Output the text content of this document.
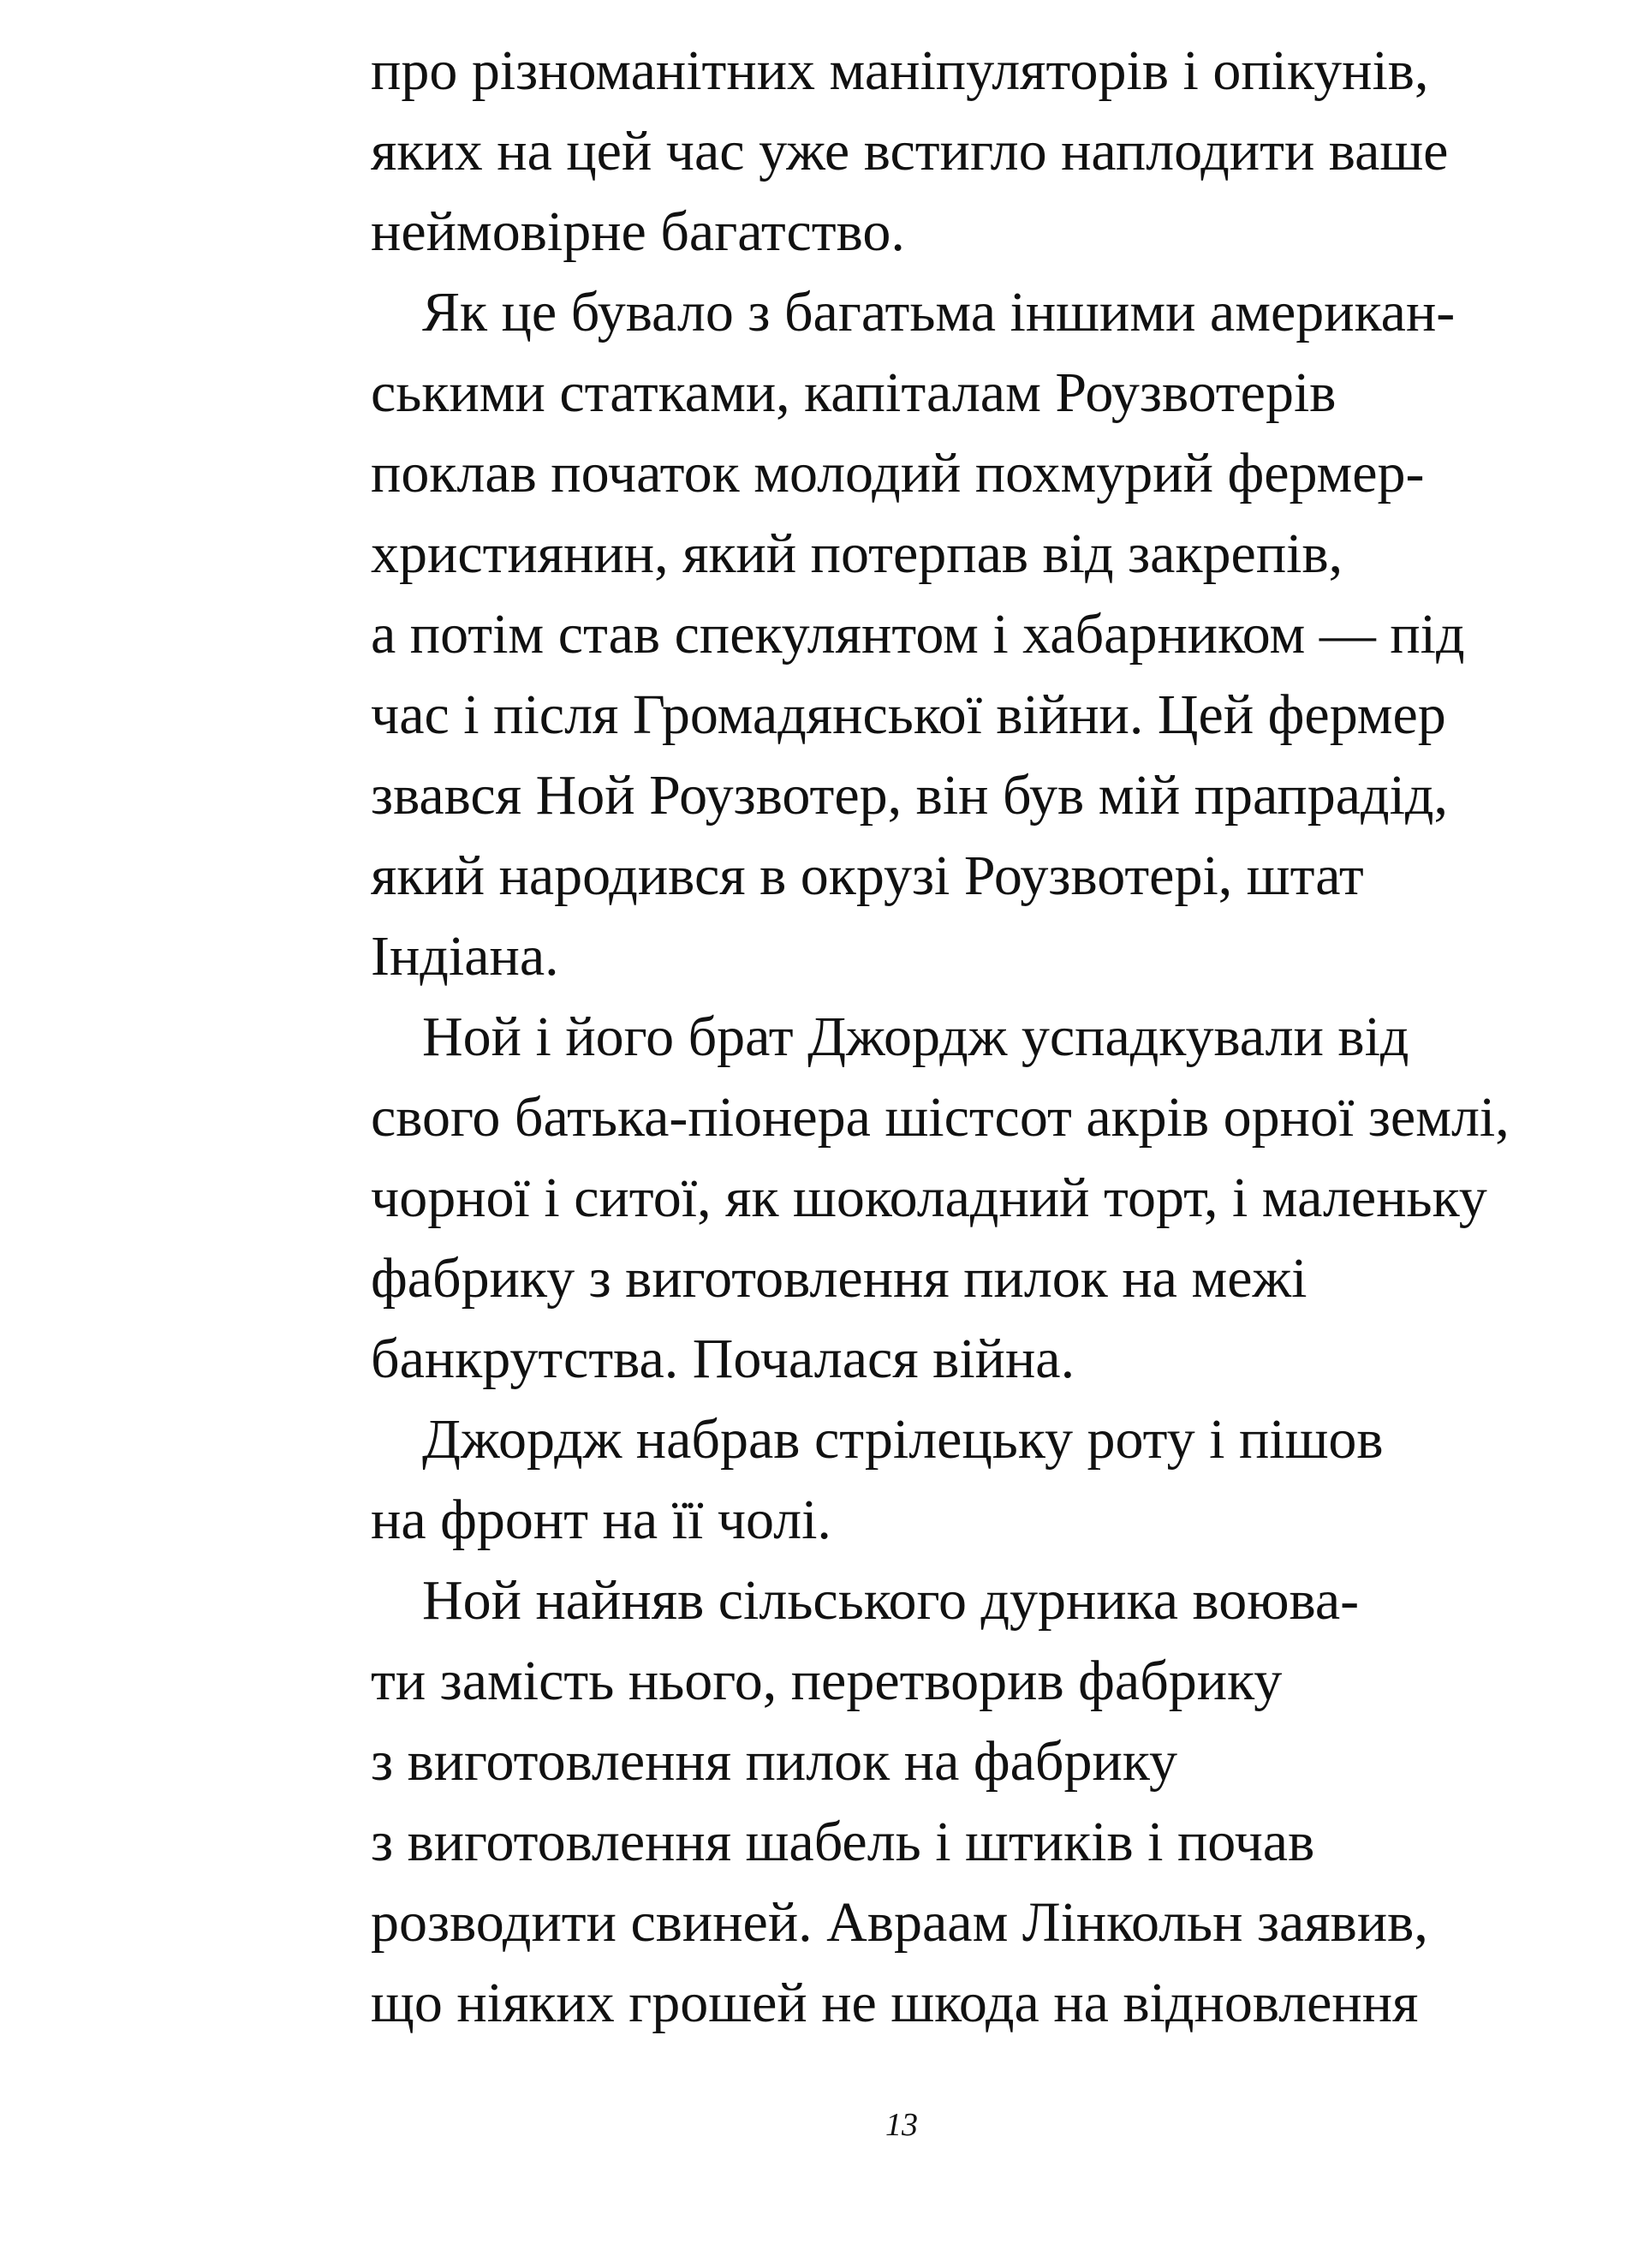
про різноманітних маніпуляторів і опікунів,
яких на цей час уже встигло наплодити ваше
неймовірне багатство.
Як це бувало з багатьма іншими американ-
ськими статками, капіталам Роузвотерів
поклав початок молодий похмурий фермер-
християнин, який потерпав від закрепів,
а потім став спекулянтом і хабарником — під
час і після Громадянської війни. Цей фермер
звався Ной Роузвотер, він був мій прапрадід,
який народився в окрузі Роузвотері, штат
Індіана.
Ной і його брат Джордж успадкували від
свого батька-піонера шістсот акрів орної землі,
чорної і ситої, як шоколадний торт, і маленьку
фабрику з виготовлення пилок на межі
банкрутства. Почалася війна.
Джордж набрав стрілецьку роту і пішов
на фронт на її чолі.
Ной найняв сільського дурника воюва-
ти замість нього, перетворив фабрику
з виготовлення пилок на фабрику
з виготовлення шабель і штиків і почав
розводити свиней. Авраам Лінкольн заявив,
що ніяких грошей не шкода на відновлення
13
